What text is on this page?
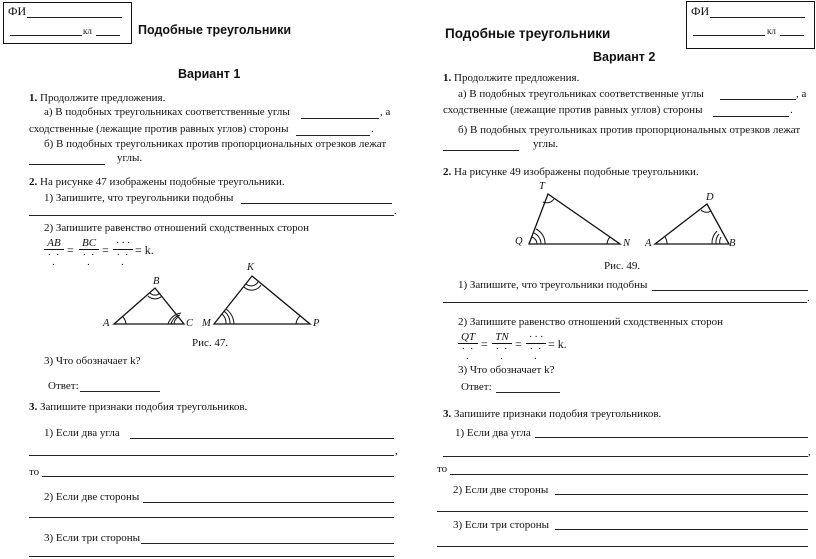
ФИ
кл	Подобные треугольники
Вариант 1
1. Продолжите предложения.
а) В подобных треугольниках соответственные углы	, а
сходственные (лежащие против равных углов) стороны	.
б) В подобных треугольниках против пропорциональных отрезков лежат
углы.
2. На рисунке 47 изображены подобные треугольники.
1) Запишите, что треугольники подобны
.
2) Запишите равенство отношений сходственных сторон
AB
· · ·
= BC
· · ·
= · · ·
· · ·
= k.
A
B
C M
K
P
Рис. 47.
3) Что обозначает k?
Ответ:
3. Запишите признаки подобия треугольников.
1) Если два угла
,
то
2) Если две стороны
3) Если три стороны
Подобные треугольники
ФИ
кл
Вариант 2
1. Продолжите предложения.
а) В подобных треугольниках соответственные углы	, а
сходственные (лежащие против равных углов) стороны	.
б) В подобных треугольниках против пропорциональных отрезков лежат
углы.
2. На рисунке 49 изображены подобные треугольники.
T
Q	N
D
A	B
Рис. 49.
1) Запишите, что треугольники подобны
.
2) Запишите равенство отношений сходственных сторон
QT
· · ·
= TN
· · ·
= · · ·
· · ·
= k.
3) Что обозначает k?
Ответ:
3. Запишите признаки подобия треугольников.
1) Если два угла
,
то
2) Если две стороны
3) Если три стороны
